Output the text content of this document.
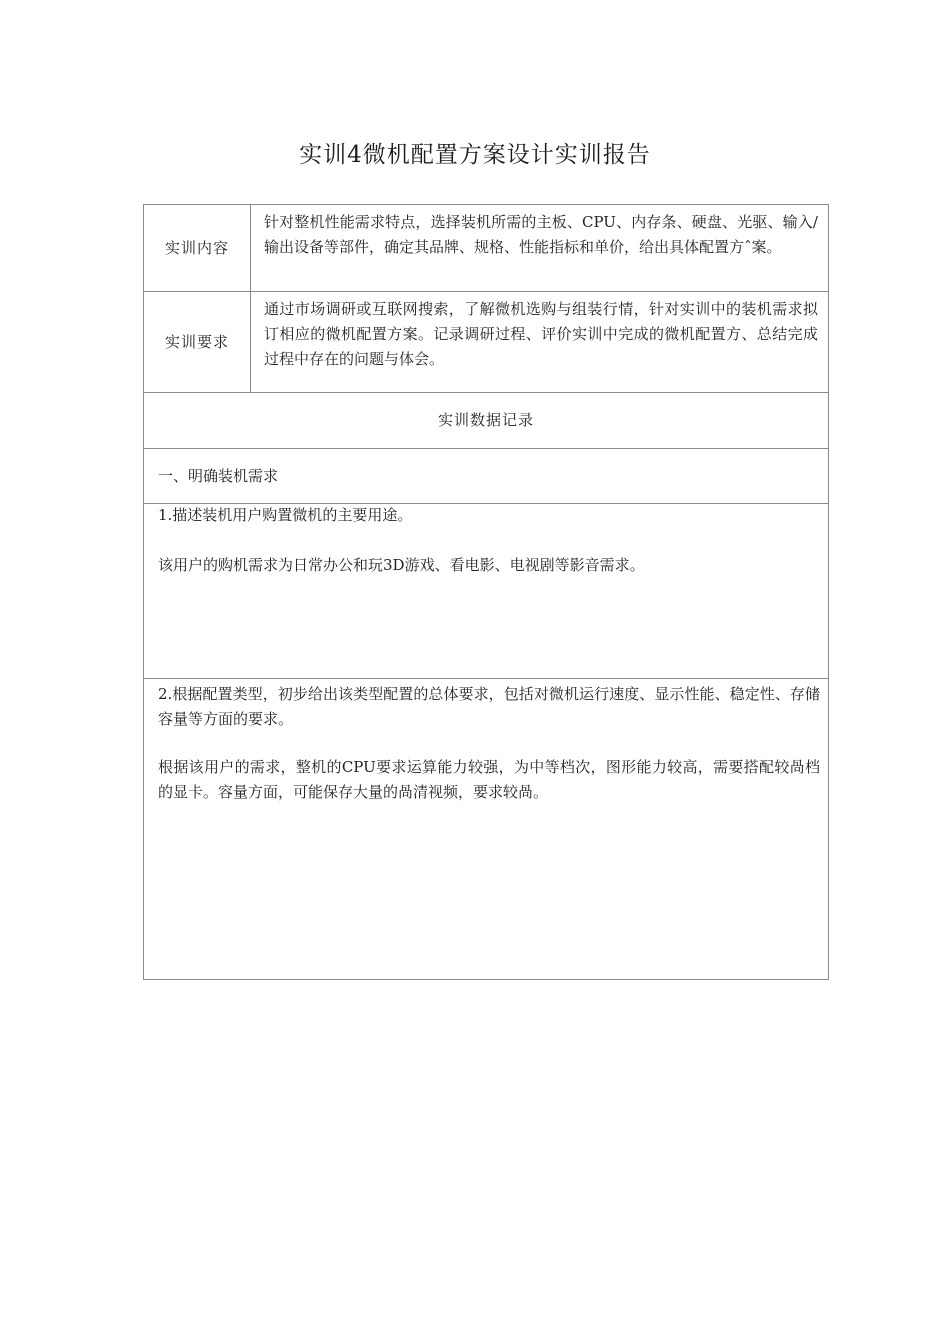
实训4微机配置方案设计实训报告
实训内容	针对整机性能需求特点，选择装机所需的主板、CPU、内存条、硬盘、光驱、输入/输出设备等部件，确定其品牌、规格、性能指标和单价，给出具体配置方ˆ案。
实训要求	通过市场调研或互联网搜索，了解微机选购与组装行情，针对实训中的装机需求拟订相应的微机配置方案。记录调研过程、评价实训中完成的微机配置方、总结完成过程中存在的问题与体会。
实训数据记录	
一、明确装机需求	

1.描述装机用户购置微机的主要用途。
该用户的购机需求为日常办公和玩3D游戏、看电影、电视剧等影音需求。	

2.根据配置类型，初步给出该类型配置的总体要求，包括对微机运行速度、显示性能、稳定性、存储容量等方面的要求。
根据该用户的需求，整机的CPU要求运算能力较强，为中等档次，图形能力较高，需要搭配较咼档的显卡。容量方面，可能保存大量的咼清视频，要求较咼。	
